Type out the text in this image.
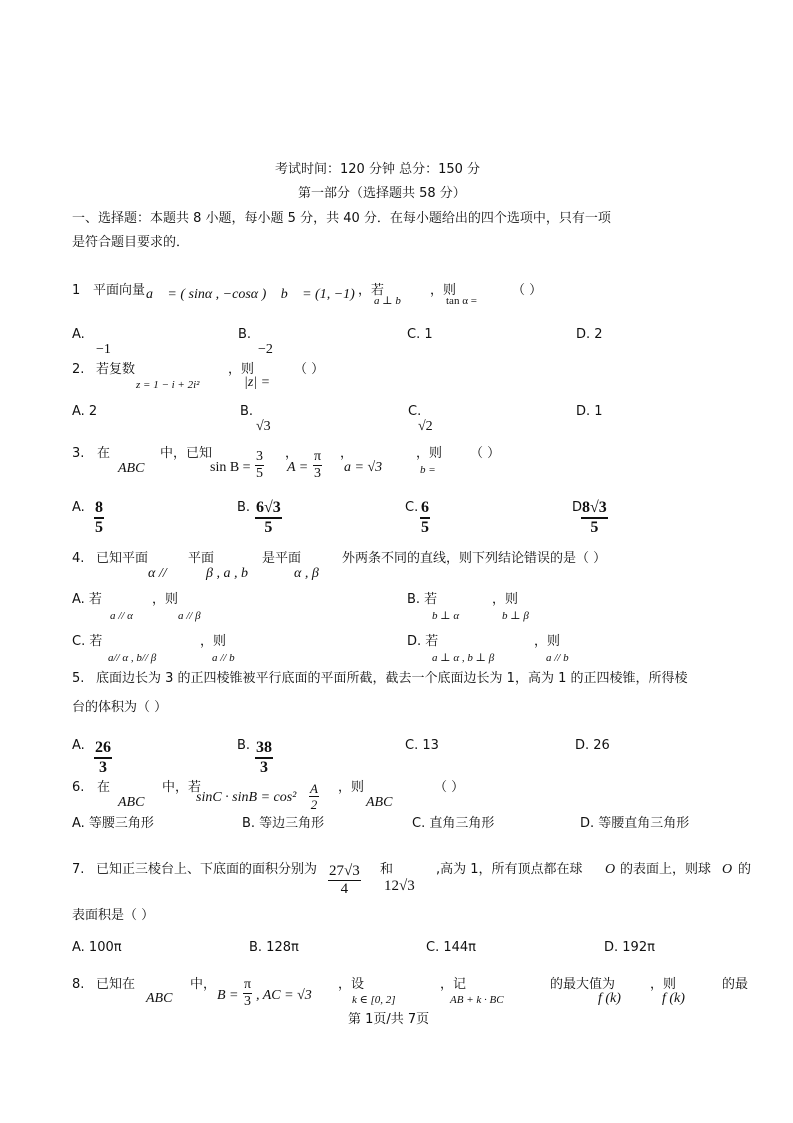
考试时间：120 分钟 总分：150 分
第一部分（选择题共 58 分）
一、选择题：本题共 8 小题，每小题 5 分，共 40 分．在每小题给出的四个选项中，只有一项
是符合题目要求的．
1 平面向量 a⃗ = ( sinα , −cosα ) ，b⃗ = (1, −1) ，若
a ⊥ b⃗
，则
tan α =
（ ）
A.
−1
B.
−2
C. 1	D. 2
2. 若复数
z = 1 − i + 2i²
，则
|z| =
（ ）
A. 2	B.
√3
C.
√2
D. 1
3. 在
ABC
中，已知
$\sin B = \frac{3}{5}$ ，
$A = \frac{\pi}{3}$ ，
a = √3
，则
b =
（ ）
A. $\frac{8}{5}$	B. $\frac{6√3}{5}$	C. $\frac{6}{5}$	D.
$\frac{8√3}{5}$
4. 已知平面
α //
平面
β , a , b
是平面
α , β
外两条不同的直线，则下列结论错误的是（ ）
A. 若
a // α
，则
a // β
B. 若
b ⊥ α
，则
b ⊥ β
C. 若
a// α , b// β
，则
a // b
D. 若
a ⊥ α , b ⊥ β
，则
a // b
5. 底面边长为 3 的正四棱锥被平行底面的平面所截，截去一个底面边长为 1，高为 1 的正四棱锥，所得棱
台的体积为（ ）
A. $\frac{26}{3}$	B. $\frac{38}{3}$	C. 13	D. 26
6. 在
ABC
中，若
$\sin C \cdot \sin B = \cos^2 \frac{A}{2}$ ，则
ABC
（ ）
A. 等腰三角形	B. 等边三角形	C. 直角三角形	D. 等腰直角三角形
7. 已知正三棱台上、下底面的面积分别为 $\frac{27√3}{4}$ 和
12√3
,高为 1，所有顶点都在球 O 的表面上，则球 O 的
表面积是（ ）
A. 100π	B. 128π	C. 144π	D. 192π
8. 已知在
ABC
中，
$B = \frac{\pi}{3}$ , AC = √3
，设
k ∈ [0, 2]
，记
AB + k · BC
的最大值为
f (k)
，则
f (k)
的最
第 1页/共 7页
